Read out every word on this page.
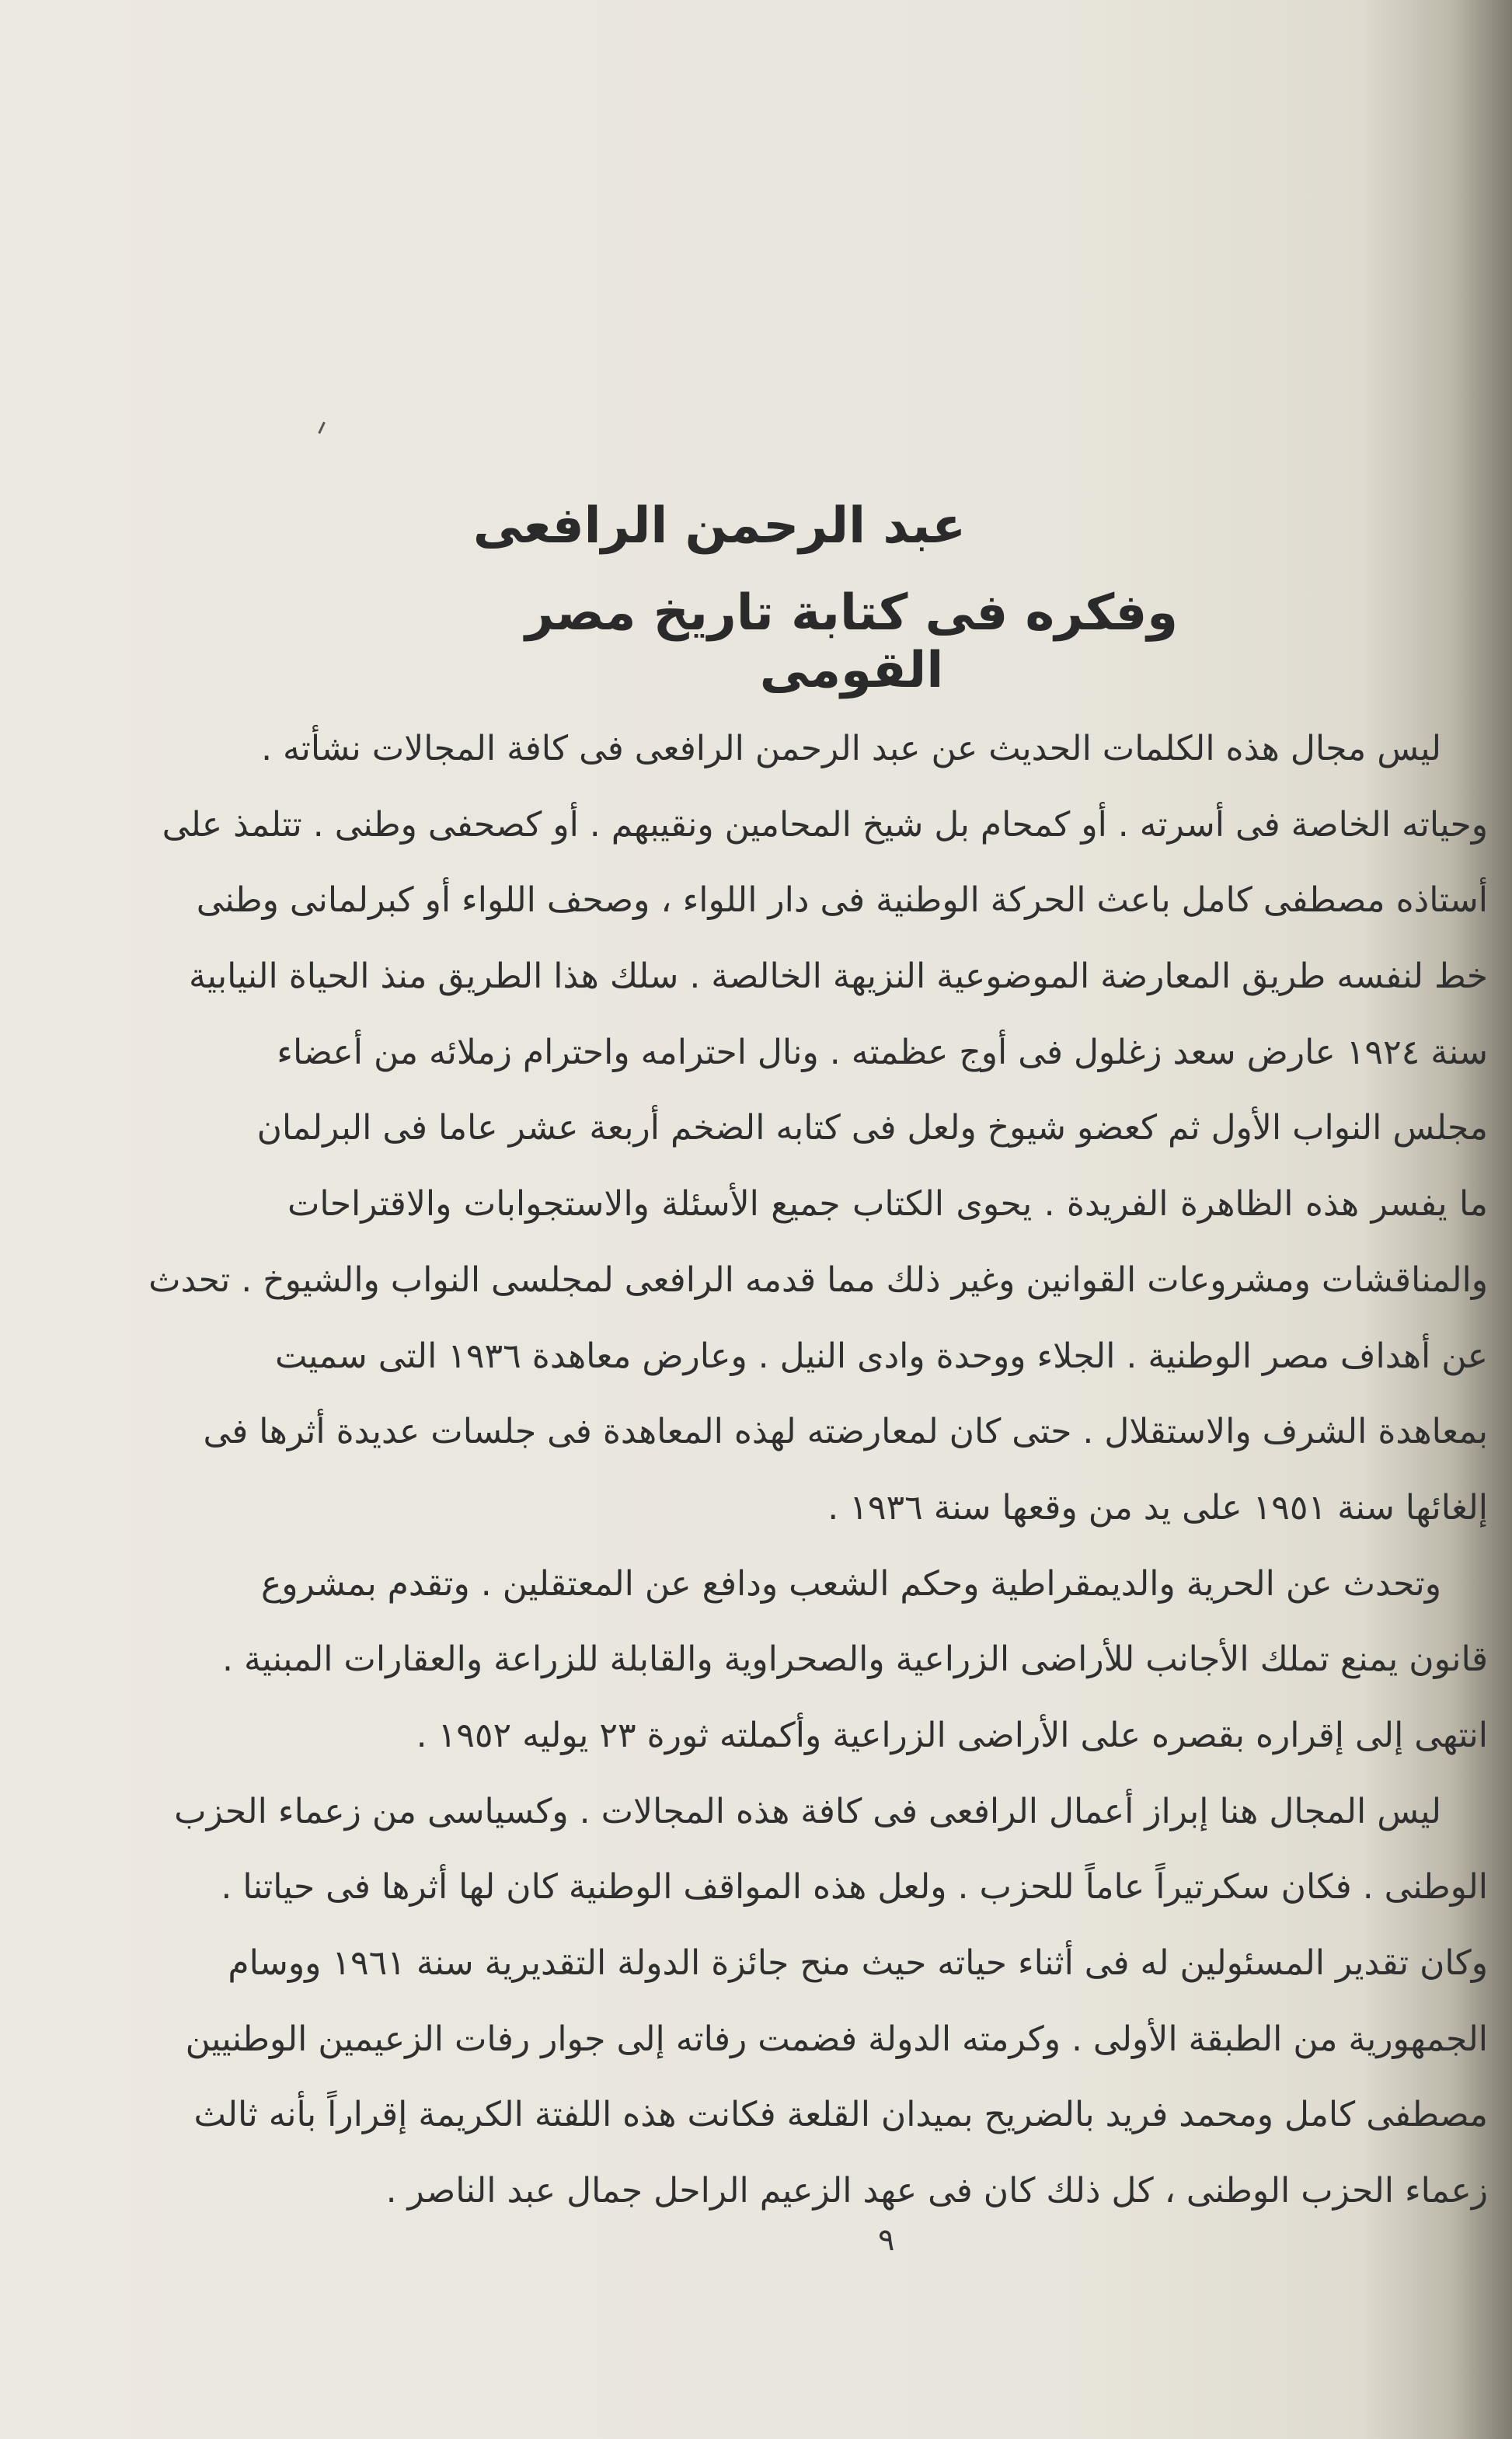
عبد الرحمن الرافعى
وفكره فى كتابة تاريخ مصر القومى
ليس مجال هذه الكلمات الحديث عن عبد الرحمن الرافعى فى كافة المجالات نشأته .
وحياته الخاصة فى أسرته . أو كمحام بل شيخ المحامين ونقيبهم . أو كصحفى وطنى . تتلمذ على
أستاذه مصطفى كامل باعث الحركة الوطنية فى دار اللواء ، وصحف اللواء أو كبرلمانى وطنى
خط لنفسه طريق المعارضة الموضوعية النزيهة الخالصة . سلك هذا الطريق منذ الحياة النيابية
سنة ١٩٢٤ عارض سعد زغلول فى أوج عظمته . ونال احترامه واحترام زملائه من أعضاء
مجلس النواب الأول ثم كعضو شيوخ ولعل فى كتابه الضخم أربعة عشر عاما فى البرلمان
ما يفسر هذه الظاهرة الفريدة . يحوى الكتاب جميع الأسئلة والاستجوابات والاقتراحات
والمناقشات ومشروعات القوانين وغير ذلك مما قدمه الرافعى لمجلسى النواب والشيوخ . تحدث
عن أهداف مصر الوطنية . الجلاء ووحدة وادى النيل . وعارض معاهدة ١٩٣٦ التى سميت
بمعاهدة الشرف والاستقلال . حتى كان لمعارضته لهذه المعاهدة فى جلسات عديدة أثرها فى
إلغائها سنة ١٩٥١ على يد من وقعها سنة ١٩٣٦ .
وتحدث عن الحرية والديمقراطية وحكم الشعب ودافع عن المعتقلين . وتقدم بمشروع
قانون يمنع تملك الأجانب للأراضى الزراعية والصحراوية والقابلة للزراعة والعقارات المبنية .
انتهى إلى إقراره بقصره على الأراضى الزراعية وأكملته ثورة ٢٣ يوليه ١٩٥٢ .
ليس المجال هنا إبراز أعمال الرافعى فى كافة هذه المجالات . وكسياسى من زعماء الحزب
الوطنى . فكان سكرتيراً عاماً للحزب . ولعل هذه المواقف الوطنية كان لها أثرها فى حياتنا .
وكان تقدير المسئولين له فى أثناء حياته حيث منح جائزة الدولة التقديرية سنة ١٩٦١ ووسام
الجمهورية من الطبقة الأولى . وكرمته الدولة فضمت رفاته إلى جوار رفات الزعيمين الوطنيين
مصطفى كامل ومحمد فريد بالضريح بميدان القلعة فكانت هذه اللفتة الكريمة إقراراً بأنه ثالث
زعماء الحزب الوطنى ، كل ذلك كان فى عهد الزعيم الراحل جمال عبد الناصر .
٩
